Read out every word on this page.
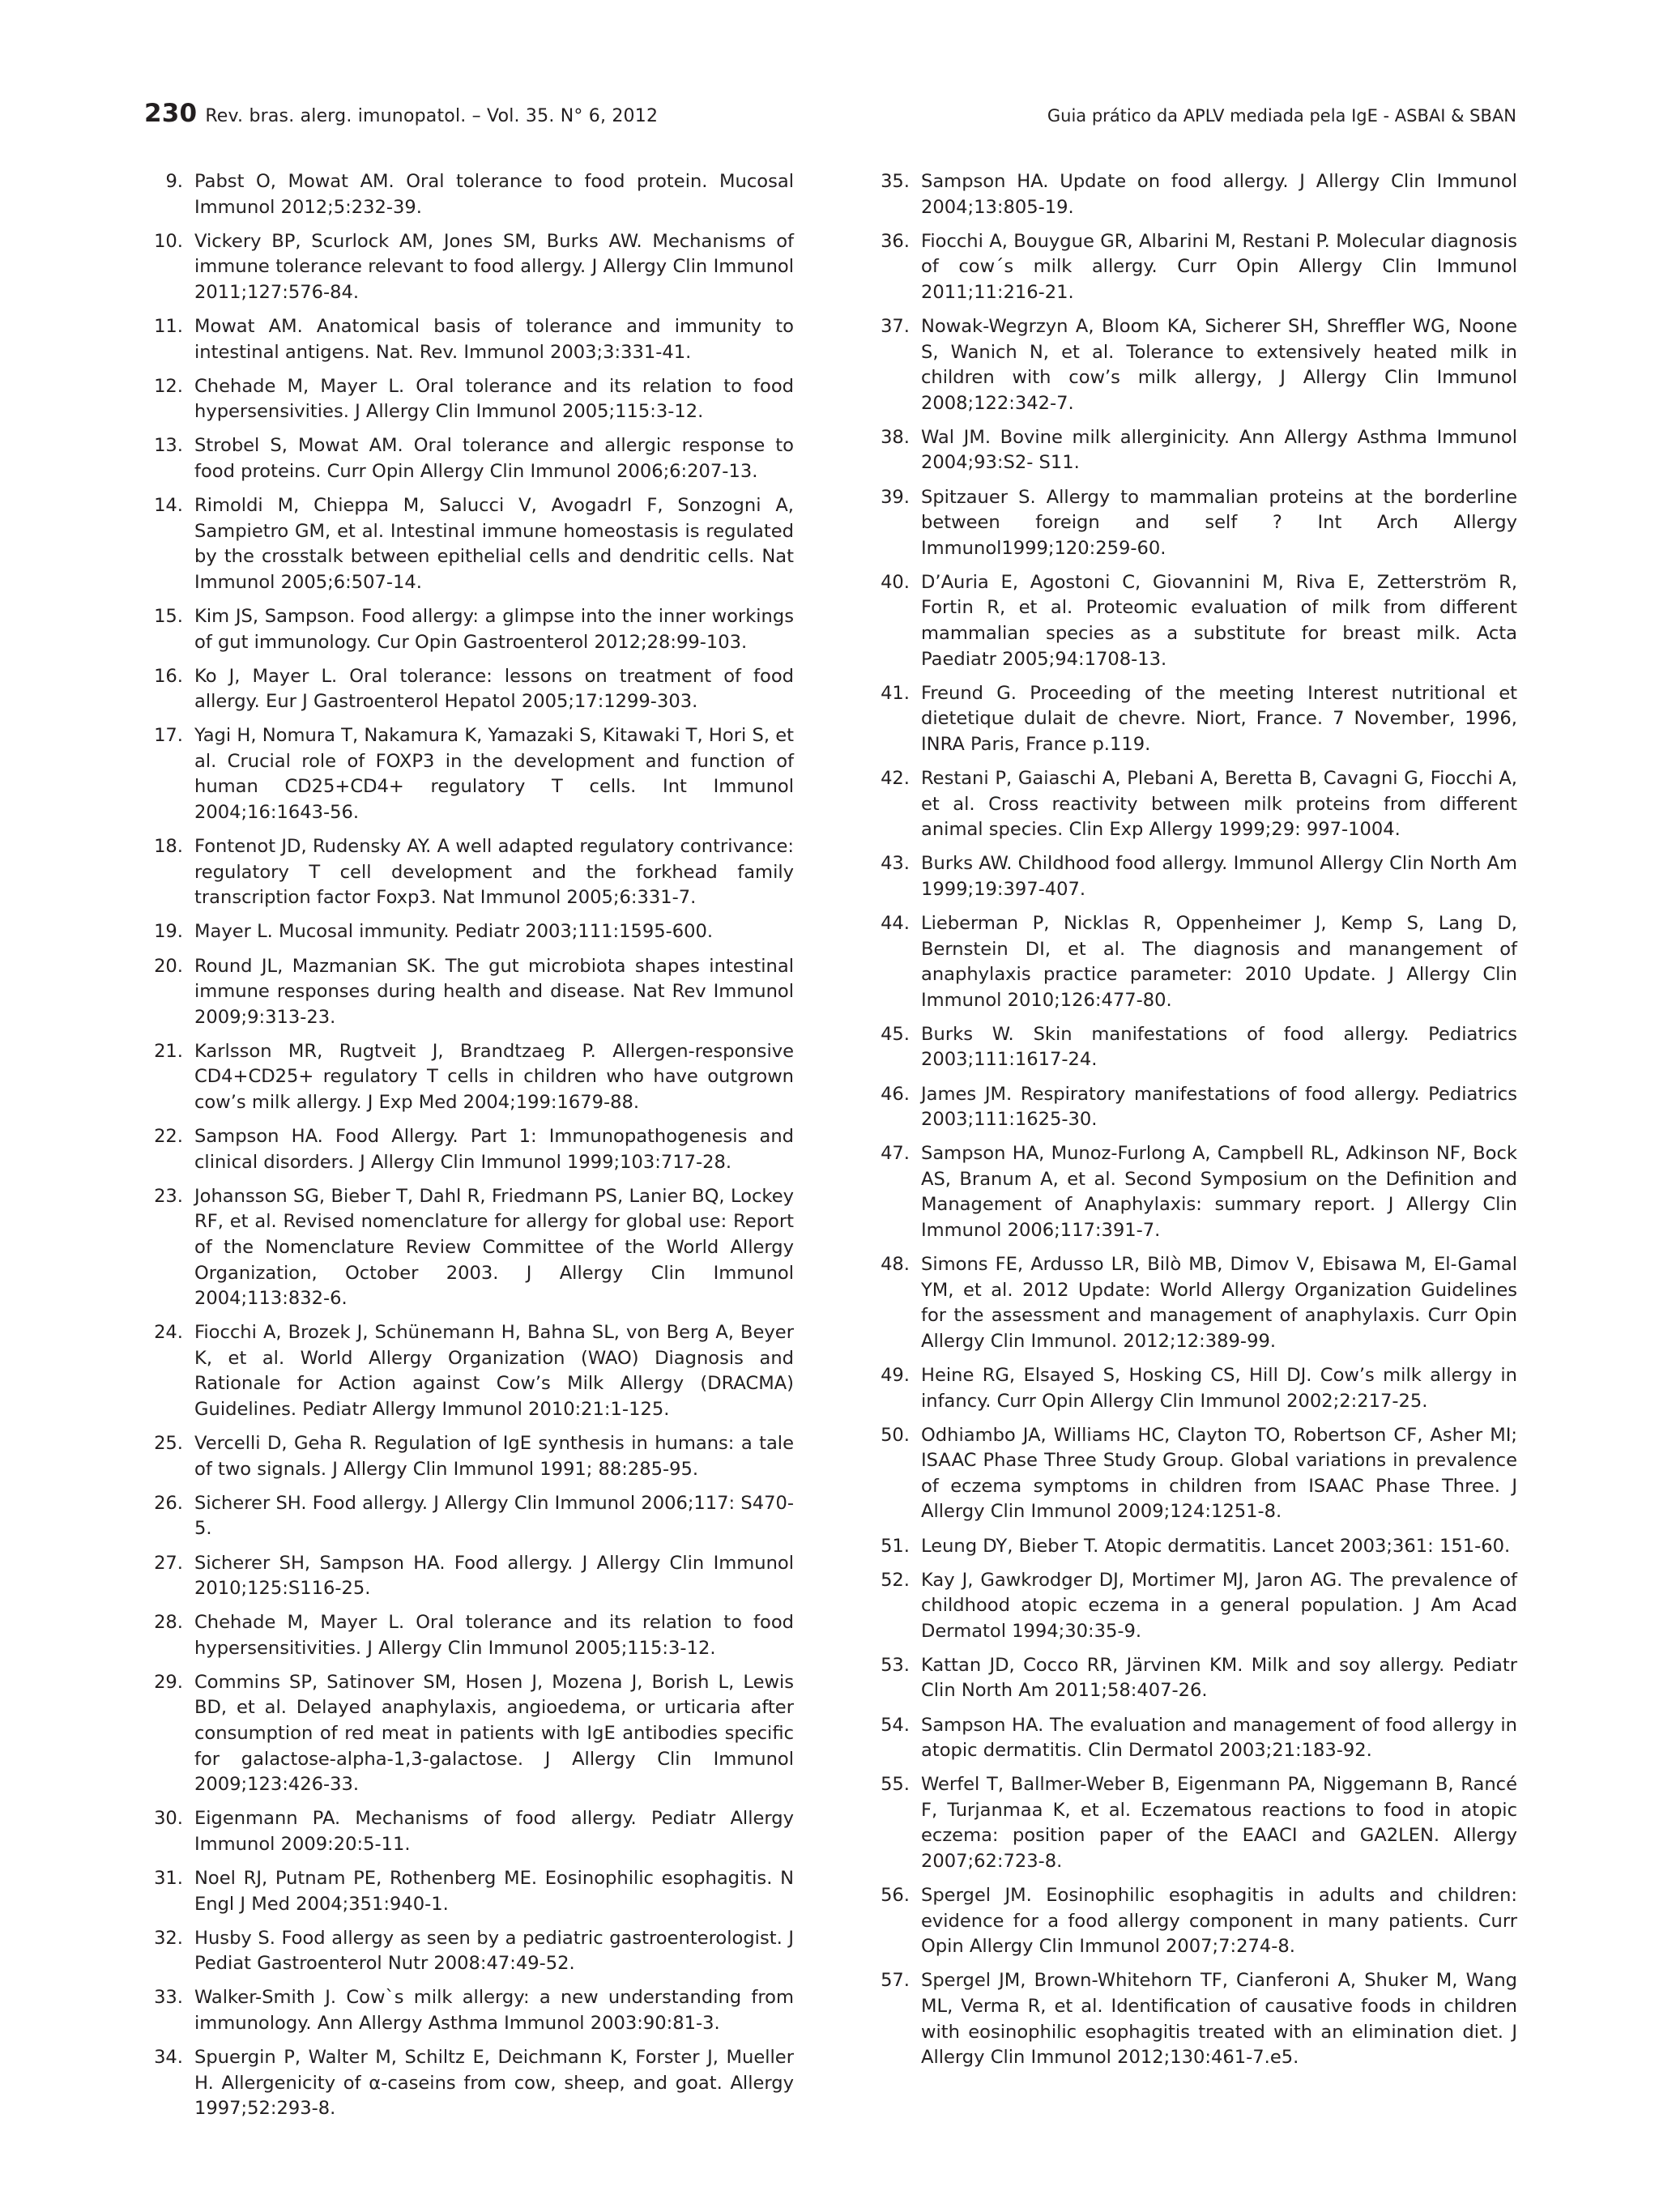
230 Rev. bras. alerg. imunopatol. – Vol. 35. N° 6, 2012	Guia prático da APLV mediada pela IgE - ASBAI & SBAN
9. Pabst O, Mowat AM. Oral tolerance to food protein. Mucosal Immunol 2012;5:232-39.
10. Vickery BP, Scurlock AM, Jones SM, Burks AW. Mechanisms of immune tolerance relevant to food allergy. J Allergy Clin Immunol 2011;127:576-84.
11. Mowat AM. Anatomical basis of tolerance and immunity to intestinal antigens. Nat. Rev. Immunol 2003;3:331-41.
12. Chehade M, Mayer L. Oral tolerance and its relation to food hypersensivities. J Allergy Clin Immunol 2005;115:3-12.
13. Strobel S, Mowat AM. Oral tolerance and allergic response to food proteins. Curr Opin Allergy Clin Immunol 2006;6:207-13.
14. Rimoldi M, Chieppa M, Salucci V, AvogadrI F, Sonzogni A, Sampietro GM, et al. Intestinal immune homeostasis is regulated by the crosstalk between epithelial cells and dendritic cells. Nat Immunol 2005;6:507-14.
15. Kim JS, Sampson. Food allergy: a glimpse into the inner workings of gut immunology. Cur Opin Gastroenterol 2012;28:99-103.
16. Ko J, Mayer L. Oral tolerance: lessons on treatment of food allergy. Eur J Gastroenterol Hepatol 2005;17:1299-303.
17. Yagi H, Nomura T, Nakamura K, Yamazaki S, Kitawaki T, Hori S, et al. Crucial role of FOXP3 in the development and function of human CD25+CD4+ regulatory T cells. Int Immunol 2004;16:1643-56.
18. Fontenot JD, Rudensky AY. A well adapted regulatory contrivance: regulatory T cell development and the forkhead family transcription factor Foxp3. Nat Immunol 2005;6:331-7.
19. Mayer L. Mucosal immunity. Pediatr 2003;111:1595-600.
20. Round JL, Mazmanian SK. The gut microbiota shapes intestinal immune responses during health and disease. Nat Rev Immunol 2009;9:313-23.
21. Karlsson MR, Rugtveit J, Brandtzaeg P. Allergen-responsive CD4+CD25+ regulatory T cells in children who have outgrown cow’s milk allergy. J Exp Med 2004;199:1679-88.
22. Sampson HA. Food Allergy. Part 1: Immunopathogenesis and clinical disorders. J Allergy Clin Immunol 1999;103:717-28.
23. Johansson SG, Bieber T, Dahl R, Friedmann PS, Lanier BQ, Lockey RF, et al. Revised nomenclature for allergy for global use: Report of the Nomenclature Review Committee of the World Allergy Organization, October 2003. J Allergy Clin Immunol 2004;113:832-6.
24. Fiocchi A, Brozek J, Schünemann H, Bahna SL, von Berg A, Beyer K, et al. World Allergy Organization (WAO) Diagnosis and Rationale for Action against Cow’s Milk Allergy (DRACMA) Guidelines. Pediatr Allergy Immunol 2010:21:1-125.
25. Vercelli D, Geha R. Regulation of IgE synthesis in humans: a tale of two signals. J Allergy Clin Immunol 1991; 88:285-95.
26. Sicherer SH. Food allergy. J Allergy Clin Immunol 2006;117: S470-5.
27. Sicherer SH, Sampson HA. Food allergy. J Allergy Clin Immunol 2010;125:S116-25.
28. Chehade M, Mayer L. Oral tolerance and its relation to food hypersensitivities. J Allergy Clin Immunol 2005;115:3-12.
29. Commins SP, Satinover SM, Hosen J, Mozena J, Borish L, Lewis BD, et al. Delayed anaphylaxis, angioedema, or urticaria after consumption of red meat in patients with IgE antibodies specific for galactose-alpha-1,3-galactose. J Allergy Clin Immunol 2009;123:426-33.
30. Eigenmann PA. Mechanisms of food allergy. Pediatr Allergy Immunol 2009:20:5-11.
31. Noel RJ, Putnam PE, Rothenberg ME. Eosinophilic esophagitis. N Engl J Med 2004;351:940-1.
32. Husby S. Food allergy as seen by a pediatric gastroenterologist. J Pediat Gastroenterol Nutr 2008:47:49-52.
33. Walker-Smith J. Cow`s milk allergy: a new understanding from immunology. Ann Allergy Asthma Immunol 2003:90:81-3.
34. Spuergin P, Walter M, Schiltz E, Deichmann K, Forster J, Mueller H. Allergenicity of α-caseins from cow, sheep, and goat. Allergy 1997;52:293-8.
35. Sampson HA. Update on food allergy. J Allergy Clin Immunol 2004;13:805-19.
36. Fiocchi A, Bouygue GR, Albarini M, Restani P. Molecular diagnosis of cow´s milk allergy. Curr Opin Allergy Clin Immunol 2011;11:216-21.
37. Nowak-Wegrzyn A, Bloom KA, Sicherer SH, Shreffler WG, Noone S, Wanich N, et al. Tolerance to extensively heated milk in children with cow’s milk allergy, J Allergy Clin Immunol 2008;122:342-7.
38. Wal JM. Bovine milk allerginicity. Ann Allergy Asthma Immunol 2004;93:S2- S11.
39. Spitzauer S. Allergy to mammalian proteins at the borderline between foreign and self ? Int Arch Allergy Immunol1999;120:259-60.
40. D’Auria E, Agostoni C, Giovannini M, Riva E, Zetterström R, Fortin R, et al. Proteomic evaluation of milk from different mammalian species as a substitute for breast milk. Acta Paediatr 2005;94:1708-13.
41. Freund G. Proceeding of the meeting Interest nutritional et dietetique dulait de chevre. Niort, France. 7 November, 1996, INRA Paris, France p.119.
42. Restani P, Gaiaschi A, Plebani A, Beretta B, Cavagni G, Fiocchi A, et al. Cross reactivity between milk proteins from different animal species. Clin Exp Allergy 1999;29: 997-1004.
43. Burks AW. Childhood food allergy. Immunol Allergy Clin North Am 1999;19:397-407.
44. Lieberman P, Nicklas R, Oppenheimer J, Kemp S, Lang D, Bernstein DI, et al. The diagnosis and manangement of anaphylaxis practice parameter: 2010 Update. J Allergy Clin Immunol 2010;126:477-80.
45. Burks W. Skin manifestations of food allergy. Pediatrics 2003;111:1617-24.
46. James JM. Respiratory manifestations of food allergy. Pediatrics 2003;111:1625-30.
47. Sampson HA, Munoz-Furlong A, Campbell RL, Adkinson NF, Bock AS, Branum A, et al. Second Symposium on the Definition and Management of Anaphylaxis: summary report. J Allergy Clin Immunol 2006;117:391-7.
48. Simons FE, Ardusso LR, Bilò MB, Dimov V, Ebisawa M, El-Gamal YM, et al. 2012 Update: World Allergy Organization Guidelines for the assessment and management of anaphylaxis. Curr Opin Allergy Clin Immunol. 2012;12:389-99.
49. Heine RG, Elsayed S, Hosking CS, Hill DJ. Cow’s milk allergy in infancy. Curr Opin Allergy Clin Immunol 2002;2:217-25.
50. Odhiambo JA, Williams HC, Clayton TO, Robertson CF, Asher MI; ISAAC Phase Three Study Group. Global variations in prevalence of eczema symptoms in children from ISAAC Phase Three. J Allergy Clin Immunol 2009;124:1251-8.
51. Leung DY, Bieber T. Atopic dermatitis. Lancet 2003;361: 151-60.
52. Kay J, Gawkrodger DJ, Mortimer MJ, Jaron AG. The prevalence of childhood atopic eczema in a general population. J Am Acad Dermatol 1994;30:35-9.
53. Kattan JD, Cocco RR, Järvinen KM. Milk and soy allergy. Pediatr Clin North Am 2011;58:407-26.
54. Sampson HA. The evaluation and management of food allergy in atopic dermatitis. Clin Dermatol 2003;21:183-92.
55. Werfel T, Ballmer-Weber B, Eigenmann PA, Niggemann B, Rancé F, Turjanmaa K, et al. Eczematous reactions to food in atopic eczema: position paper of the EAACI and GA2LEN. Allergy 2007;62:723-8.
56. Spergel JM. Eosinophilic esophagitis in adults and children: evidence for a food allergy component in many patients. Curr Opin Allergy Clin Immunol 2007;7:274-8.
57. Spergel JM, Brown-Whitehorn TF, Cianferoni A, Shuker M, Wang ML, Verma R, et al. Identification of causative foods in children with eosinophilic esophagitis treated with an elimination diet. J Allergy Clin Immunol 2012;130:461-7.e5.
